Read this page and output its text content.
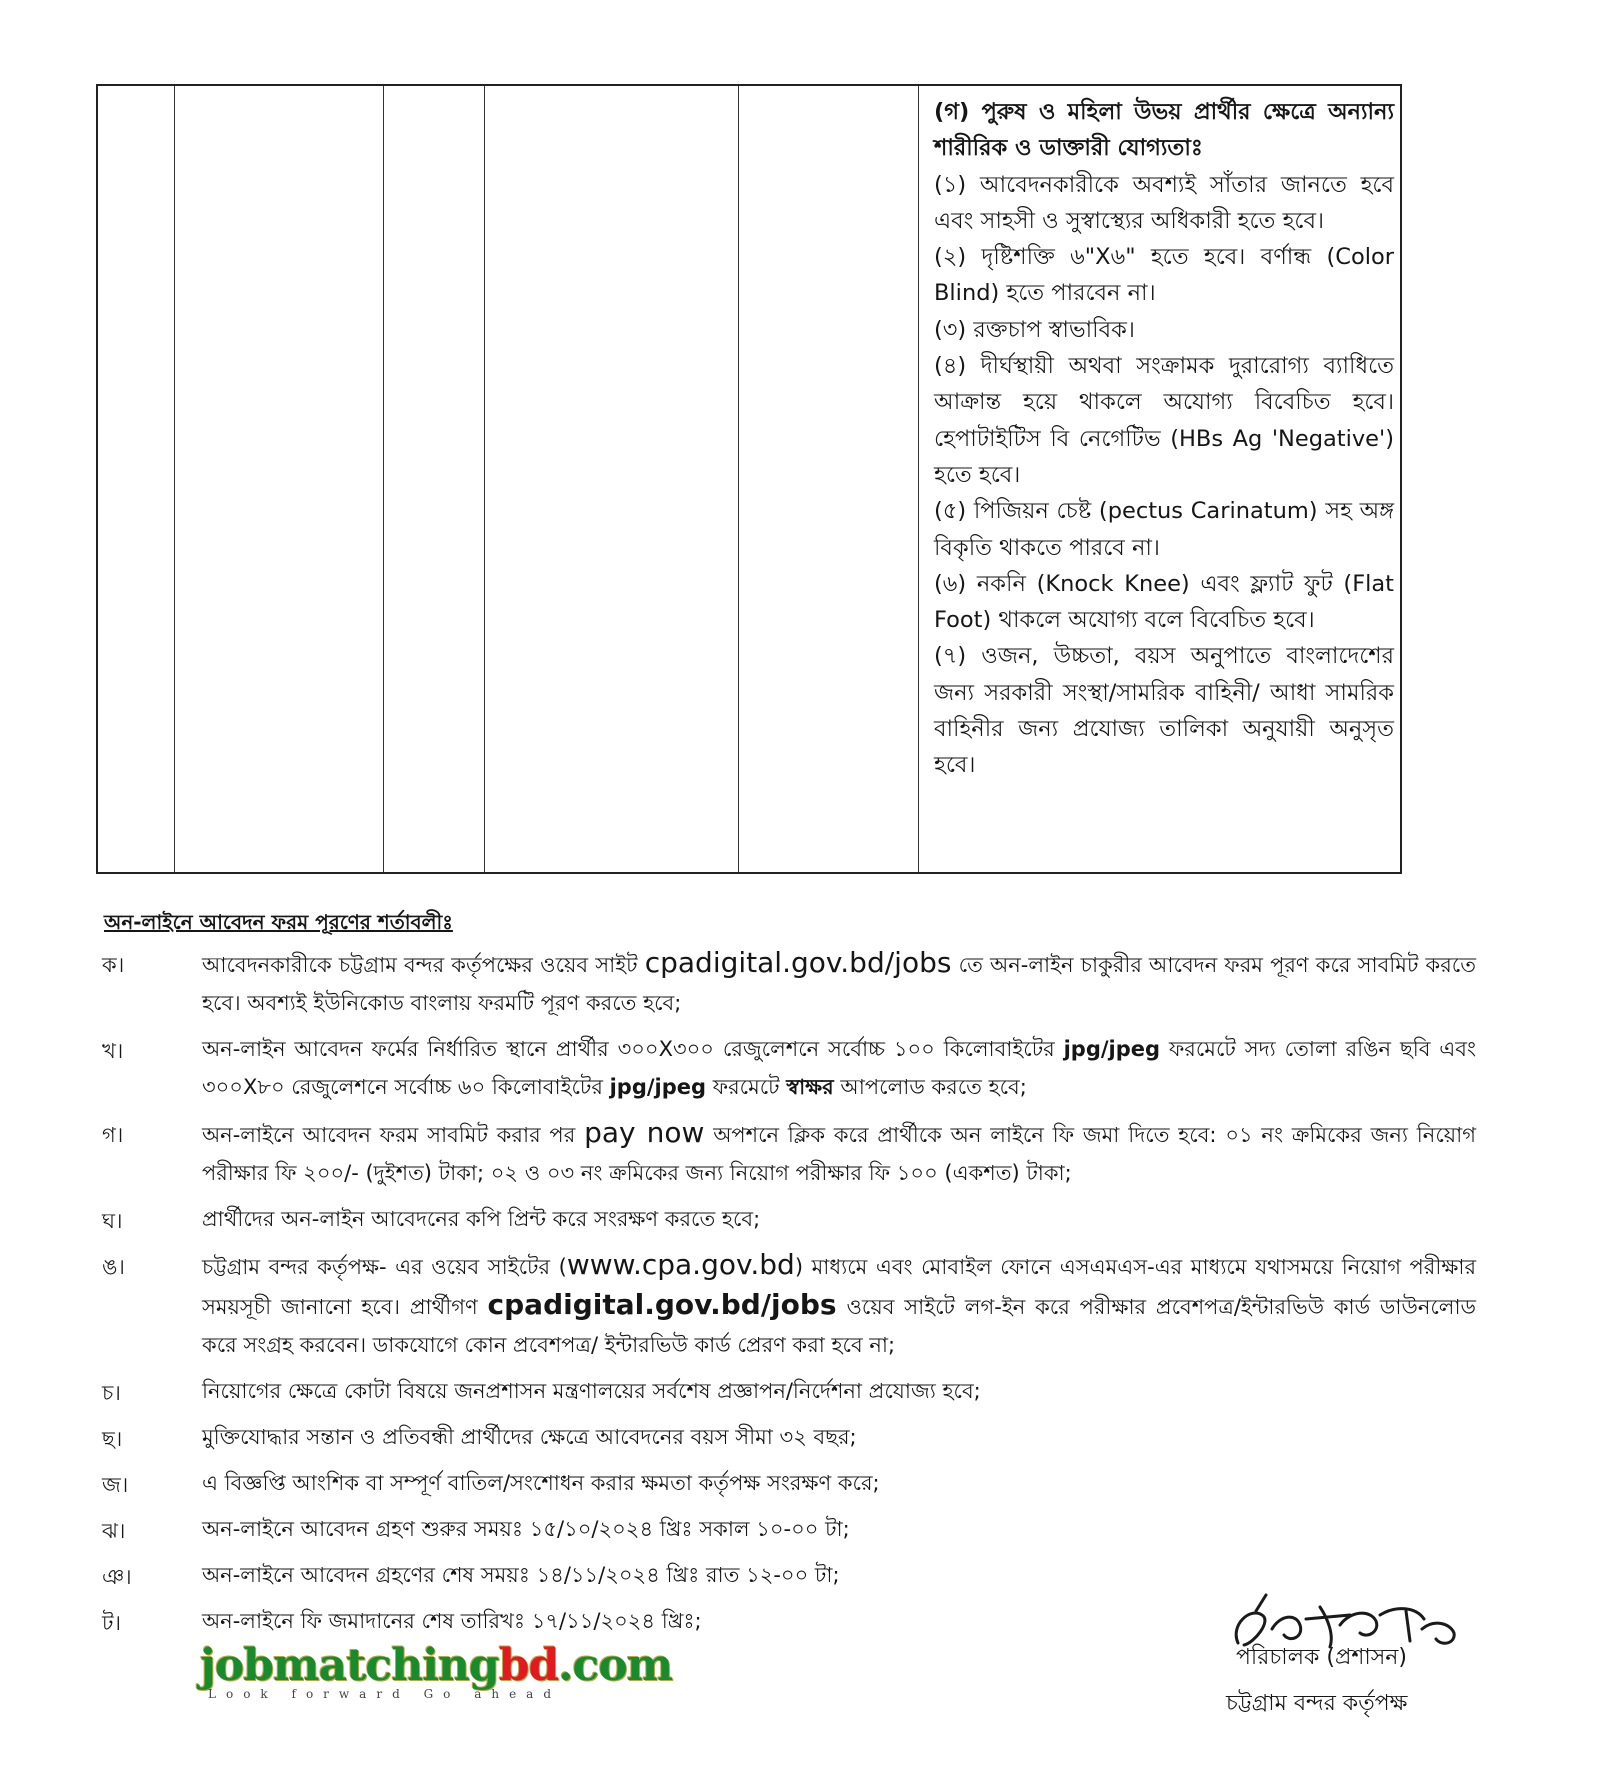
(গ) পুরুষ ও মহিলা উভয় প্রার্থীর ক্ষেত্রে অন্যান্য শারীরিক ও ডাক্তারী যোগ্যতাঃ

(১) আবেদনকারীকে অবশ্যই সাঁতার জানতে হবে এবং সাহসী ও সুস্বাস্থ্যের অধিকারী হতে হবে।

(২) দৃষ্টিশক্তি ৬"X৬" হতে হবে। বর্ণান্ধ (Color Blind) হতে পারবেন না।

(৩) রক্তচাপ স্বাভাবিক।

(৪) দীর্ঘস্থায়ী অথবা সংক্রামক দুরারোগ্য ব্যাধিতে আক্রান্ত হয়ে থাকলে অযোগ্য বিবেচিত হবে। হেপাটাইটিস বি নেগেটিভ (HBs Ag 'Negative') হতে হবে।

(৫) পিজিয়ন চেষ্ট (pectus Carinatum) সহ অঙ্গ বিকৃতি থাকতে পারবে না।

(৬) নকনি (Knock Knee) এবং ফ্ল্যাট ফুট (Flat Foot) থাকলে অযোগ্য বলে বিবেচিত হবে।

(৭) ওজন, উচ্চতা, বয়স অনুপাতে বাংলাদেশের জন্য সরকারী সংস্থা/সামরিক বাহিনী/ আধা সামরিক বাহিনীর জন্য প্রযোজ্য তালিকা অনুযায়ী অনুসৃত হবে।

অন-লাইনে আবেদন ফরম পূরণের শর্তাবলীঃ
ক।	আবেদনকারীকে চট্টগ্রাম বন্দর কর্তৃপক্ষের ওয়েব সাইট cpadigital.gov.bd/jobs তে অন-লাইন চাকুরীর আবেদন ফরম পূরণ করে সাবমিট করতে হবে। অবশ্যই ইউনিকোড বাংলায় ফরমটি পূরণ করতে হবে;
খ।	অন-লাইন আবেদন ফর্মের নির্ধারিত স্থানে প্রার্থীর ৩০০X৩০০ রেজুলেশনে সর্বোচ্চ ১০০ কিলোবাইটের jpg/jpeg ফরমেটে সদ্য তোলা রঙিন ছবি এবং ৩০০X৮০ রেজুলেশনে সর্বোচ্চ ৬০ কিলোবাইটের jpg/jpeg ফরমেটে স্বাক্ষর আপলোড করতে হবে;
গ।	অন-লাইনে আবেদন ফরম সাবমিট করার পর pay now অপশনে ক্লিক করে প্রার্থীকে অন লাইনে ফি জমা দিতে হবে: ০১ নং ক্রমিকের জন্য নিয়োগ পরীক্ষার ফি ২০০/- (দুইশত) টাকা; ০২ ও ০৩ নং ক্রমিকের জন্য নিয়োগ পরীক্ষার ফি ১০০ (একশত) টাকা;
ঘ।	প্রার্থীদের অন-লাইন আবেদনের কপি প্রিন্ট করে সংরক্ষণ করতে হবে;
ঙ।	চট্টগ্রাম বন্দর কর্তৃপক্ষ- এর ওয়েব সাইটের (www.cpa.gov.bd) মাধ্যমে এবং মোবাইল ফোনে এসএমএস-এর মাধ্যমে যথাসময়ে নিয়োগ পরীক্ষার সময়সূচী জানানো হবে। প্রার্থীগণ cpadigital.gov.bd/jobs ওয়েব সাইটে লগ-ইন করে পরীক্ষার প্রবেশপত্র/ইন্টারভিউ কার্ড ডাউনলোড করে সংগ্রহ করবেন। ডাকযোগে কোন প্রবেশপত্র/ ইন্টারভিউ কার্ড প্রেরণ করা হবে না;
চ।	নিয়োগের ক্ষেত্রে কোটা বিষয়ে জনপ্রশাসন মন্ত্রণালয়ের সর্বশেষ প্রজ্ঞাপন/নির্দেশনা প্রযোজ্য হবে;
ছ।	মুক্তিযোদ্ধার সন্তান ও প্রতিবন্ধী প্রার্থীদের ক্ষেত্রে আবেদনের বয়স সীমা ৩২ বছর;
জ।	এ বিজ্ঞপ্তি আংশিক বা সম্পূর্ণ বাতিল/সংশোধন করার ক্ষমতা কর্তৃপক্ষ সংরক্ষণ করে;
ঝ।	অন-লাইনে আবেদন গ্রহণ শুরুর সময়ঃ ১৫/১০/২০২৪ খ্রিঃ সকাল ১০-০০ টা;
ঞ।	অন-লাইনে আবেদন গ্রহণের শেষ সময়ঃ ১৪/১১/২০২৪ খ্রিঃ রাত ১২-০০ টা;
ট।	অন-লাইনে ফি জমাদানের শেষ তারিখঃ ১৭/১১/২০২৪ খ্রিঃ;
jobmatchingbd.com
Look forward Go ahead
পরিচালক (প্রশাসন)
চট্টগ্রাম বন্দর কর্তৃপক্ষ
